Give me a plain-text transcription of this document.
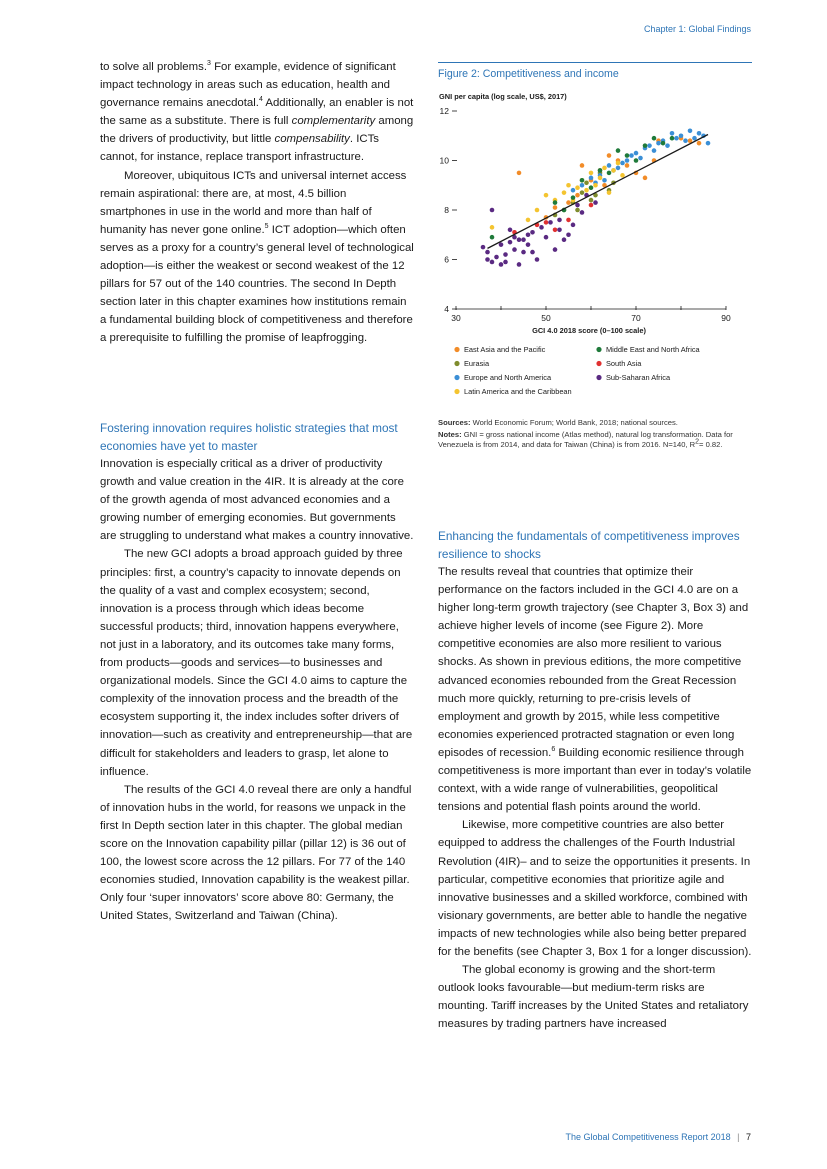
Chapter 1: Global Findings

to solve all problems.$^3$ For example, evidence of significant impact technology in areas such as education, health and governance remains anecdotal.$^4$ Additionally, an enabler is not the same as a substitute. There is full complementarity among the drivers of productivity, but little compensability. ICTs cannot, for instance, replace transport infrastructure.

Moreover, ubiquitous ICTs and universal internet access remain aspirational: there are, at most, 4.5 billion smartphones in use in the world and more than half of humanity has never gone online.$^5$ ICT adoption—which often serves as a proxy for a country’s general level of technological adoption—is either the weakest or second weakest of the 12 pillars for 57 out of the 140 countries. The second In Depth section later in this chapter examines how institutions remain a fundamental building block of competitiveness and therefore a prerequisite to fulfilling the promise of leapfrogging.

Fostering innovation requires holistic strategies that most economies have yet to master

Innovation is especially critical as a driver of productivity growth and value creation in the 4IR. It is already at the core of the growth agenda of most advanced economies and a growing number of emerging economies. But governments are struggling to understand what makes a country innovative.

The new GCI adopts a broad approach guided by three principles: first, a country’s capacity to innovate depends on the quality of a vast and complex ecosystem; second, innovation is a process through which ideas become successful products; third, innovation happens everywhere, not just in a laboratory, and its outcomes take many forms, from products—goods and services—to businesses and organizational models. Since the GCI 4.0 aims to capture the complexity of the innovation process and the breadth of the ecosystem supporting it, the index includes softer drivers of innovation—such as creativity and entrepreneurship—that are difficult for stakeholders and leaders to grasp, let alone to influence.

The results of the GCI 4.0 reveal there are only a handful of innovation hubs in the world, for reasons we unpack in the first In Depth section later in this chapter. The global median score on the Innovation capability pillar (pillar 12) is 36 out of 100, the lowest score across the 12 pillars. For 77 of the 140 economies studied, Innovation capability is the weakest pillar. Only four ‘super innovators’ score above 80: Germany, the United States, Switzerland and Taiwan (China).

Figure 2: Competitiveness and income
GNI per capita (log scale, US$, 2017)
4
6
8
10
12
30	50	70	90
GCI 4.0 2018 score (0–100 scale)
East Asia and the Pacific	Middle East and North Africa
Eurasia	South Asia
Europe and North America	Sub-Saharan Africa
Latin America and the Caribbean

Sources: World Economic Forum; World Bank, 2018; national sources.

Notes: GNI = gross national income (Atlas method), natural log transformation. Data for Venezuela is from 2014, and data for Taiwan (China) is from 2016. N=140, $R^2= 0.82$.

Enhancing the fundamentals of competitiveness improves resilience to shocks

The results reveal that countries that optimize their performance on the factors included in the GCI 4.0 are on a higher long-term growth trajectory (see Chapter 3, Box 3) and achieve higher levels of income (see Figure 2). More competitive economies are also more resilient to various shocks. As shown in previous editions, the more competitive advanced economies rebounded from the Great Recession much more quickly, returning to pre-crisis levels of employment and growth by 2015, while less competitive economies experienced protracted stagnation or even long episodes of recession.$^6$ Building economic resilience through competitiveness is more important than ever in today’s volatile context, with a wide range of vulnerabilities, geopolitical tensions and potential flash points around the world.

Likewise, more competitive countries are also better equipped to address the challenges of the Fourth Industrial Revolution (4IR)– and to seize the opportunities it presents. In particular, competitive economies that prioritize agile and innovative businesses and a skilled workforce, combined with visionary governments, are better able to handle the negative impacts of new technologies while also being better prepared for the benefits (see Chapter 3, Box 1 for a longer discussion).

The global economy is growing and the short-term outlook looks favourable—but medium-term risks are mounting. Tariff increases by the United States and retaliatory measures by trading partners have increased

The Global Competitiveness Report 2018 | 7
